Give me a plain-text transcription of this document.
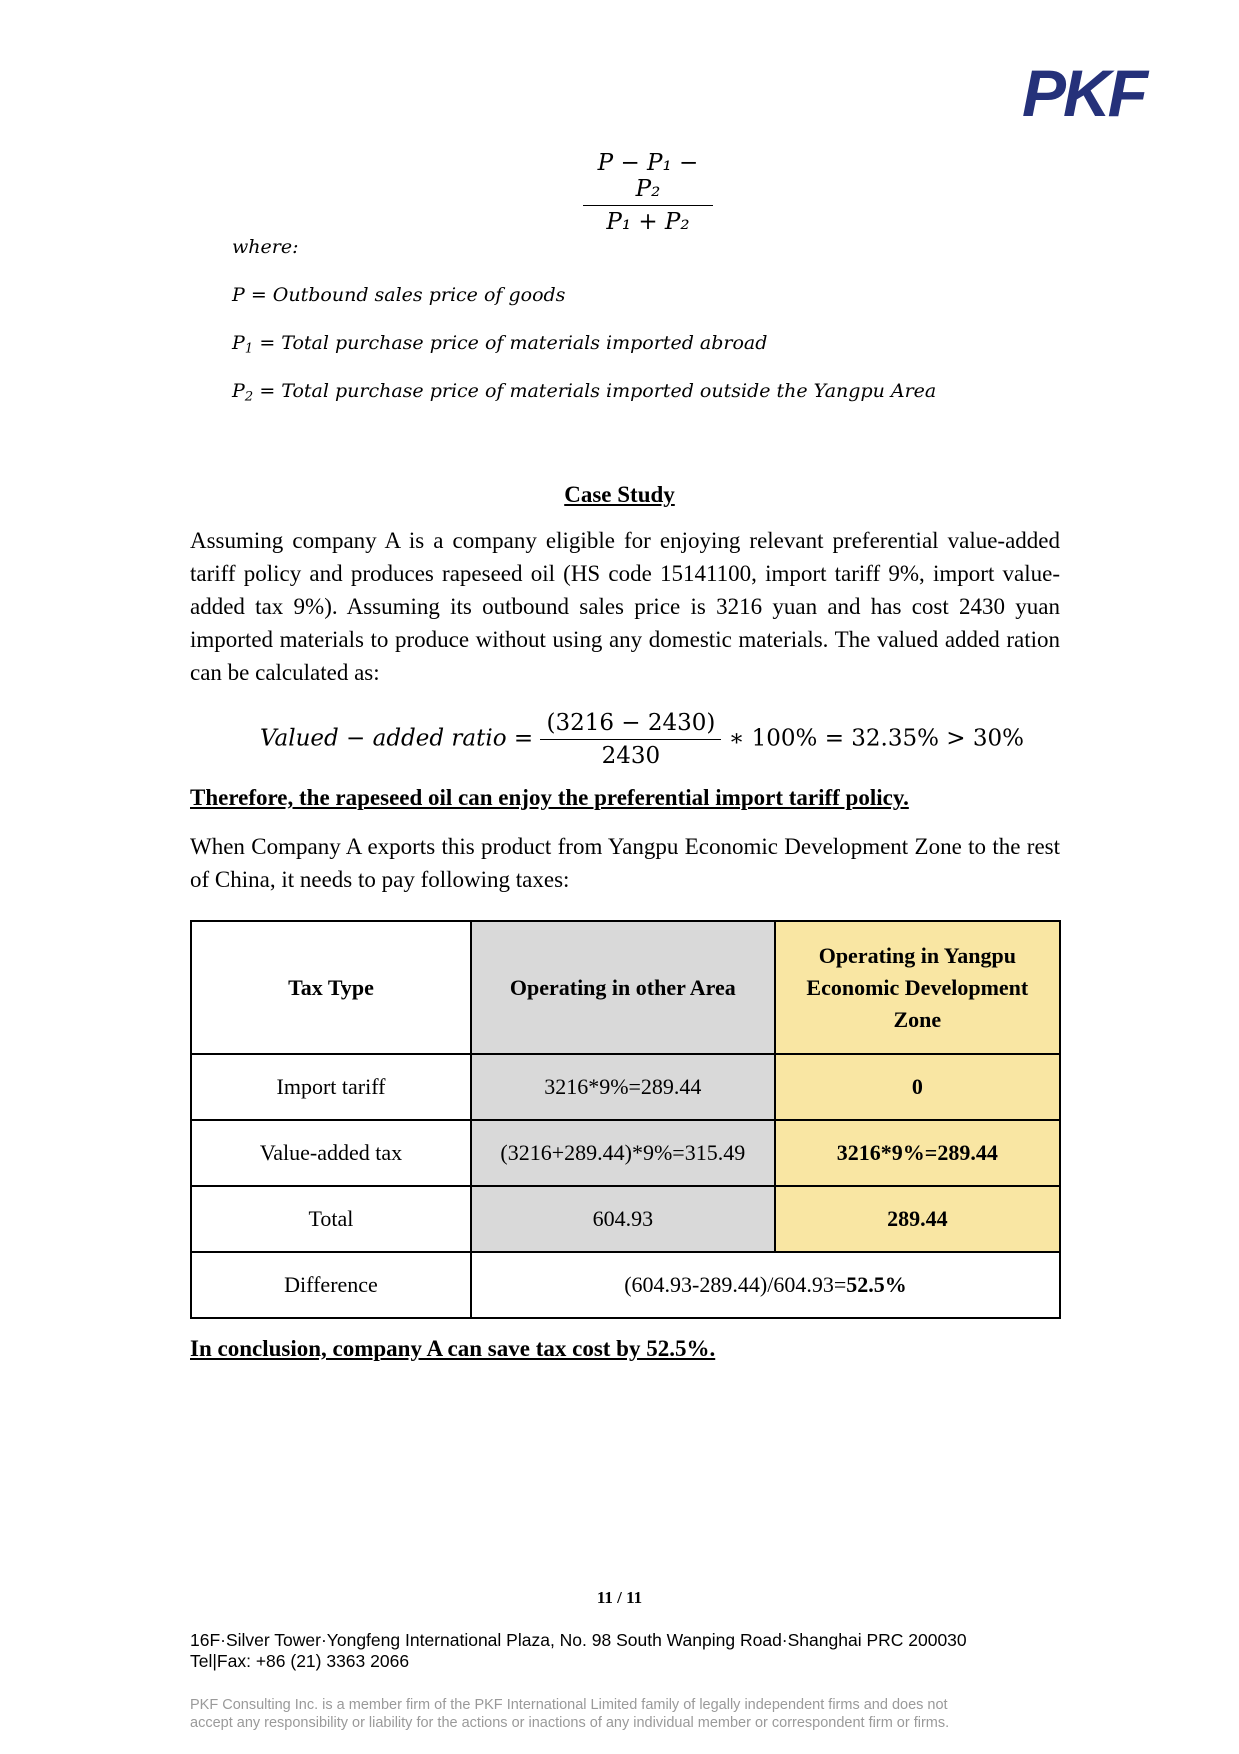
PKF
$\frac{\text{P − P₁ − P₂}}{\text{P₁ + P₂}}$
where:
P = Outbound sales price of goods
$P_1$ = Total purchase price of materials imported abroad
$P_2$ = Total purchase price of materials imported outside the Yangpu Area
Case Study

Assuming company A is a company eligible for enjoying relevant preferential value-added tariff policy and produces rapeseed oil (HS code 15141100, import tariff 9%, import value-added tax 9%). Assuming its outbound sales price is 3216 yuan and has cost 2430 yuan imported materials to produce without using any domestic materials. The valued added ration can be calculated as:

Valued − added ratio = $\frac{(3216 - 2430)}{2430}$ ∗ 100% = 32.35% > 30%
Therefore, the rapeseed oil can enjoy the preferential import tariff policy.

When Company A exports this product from Yangpu Economic Development Zone to the rest of China, it needs to pay following taxes:

Tax Type	Operating in other Area	Operating in Yangpu Economic Development Zone
Import tariff	3216*9%=289.44	0
Value-added tax	(3216+289.44)*9%=315.49	3216*9%=289.44
Total	604.93	289.44
Difference	(604.93-289.44)/604.93=52.5%	
In conclusion, company A can save tax cost by 52.5%.
11 / 11
16F·Silver Tower·Yongfeng International Plaza, No. 98 South Wanping Road·Shanghai PRC 200030
Tel|Fax: +86 (21) 3363 2066
PKF Consulting Inc. is a member firm of the PKF International Limited family of legally independent firms and does not
accept any responsibility or liability for the actions or inactions of any individual member or correspondent firm or firms.
